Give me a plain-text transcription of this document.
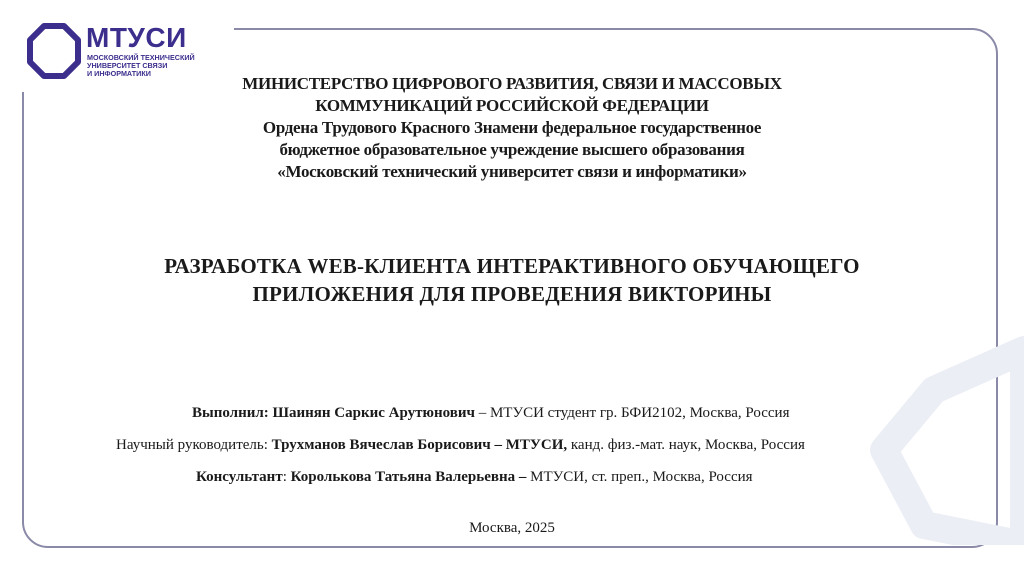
МТУСИ
МОСКОВСКИЙ ТЕХНИЧЕСКИЙ
УНИВЕРСИТЕТ СВЯЗИ
И ИНФОРМАТИКИ
МИНИСТЕРСТВО ЦИФРОВОГО РАЗВИТИЯ, СВЯЗИ И МАССОВЫХ
КОММУНИКАЦИЙ РОССИЙСКОЙ ФЕДЕРАЦИИ
Ордена Трудового Красного Знамени федеральное государственное
бюджетное образовательное учреждение высшего образования
«Московский технический университет связи и информатики»
РАЗРАБОТКА WEB-КЛИЕНТА ИНТЕРАКТИВНОГО ОБУЧАЮЩЕГО
ПРИЛОЖЕНИЯ ДЛЯ ПРОВЕДЕНИЯ ВИКТОРИНЫ
Выполнил: Шаинян Саркис Арутюнович – МТУСИ студент гр. БФИ2102, Москва, Россия
Научный руководитель: Трухманов Вячеслав Борисович – МТУСИ, канд. физ.-мат. наук, Москва, Россия
Консультант: Королькова Татьяна Валерьевна – МТУСИ, ст. преп., Москва, Россия
Москва, 2025
